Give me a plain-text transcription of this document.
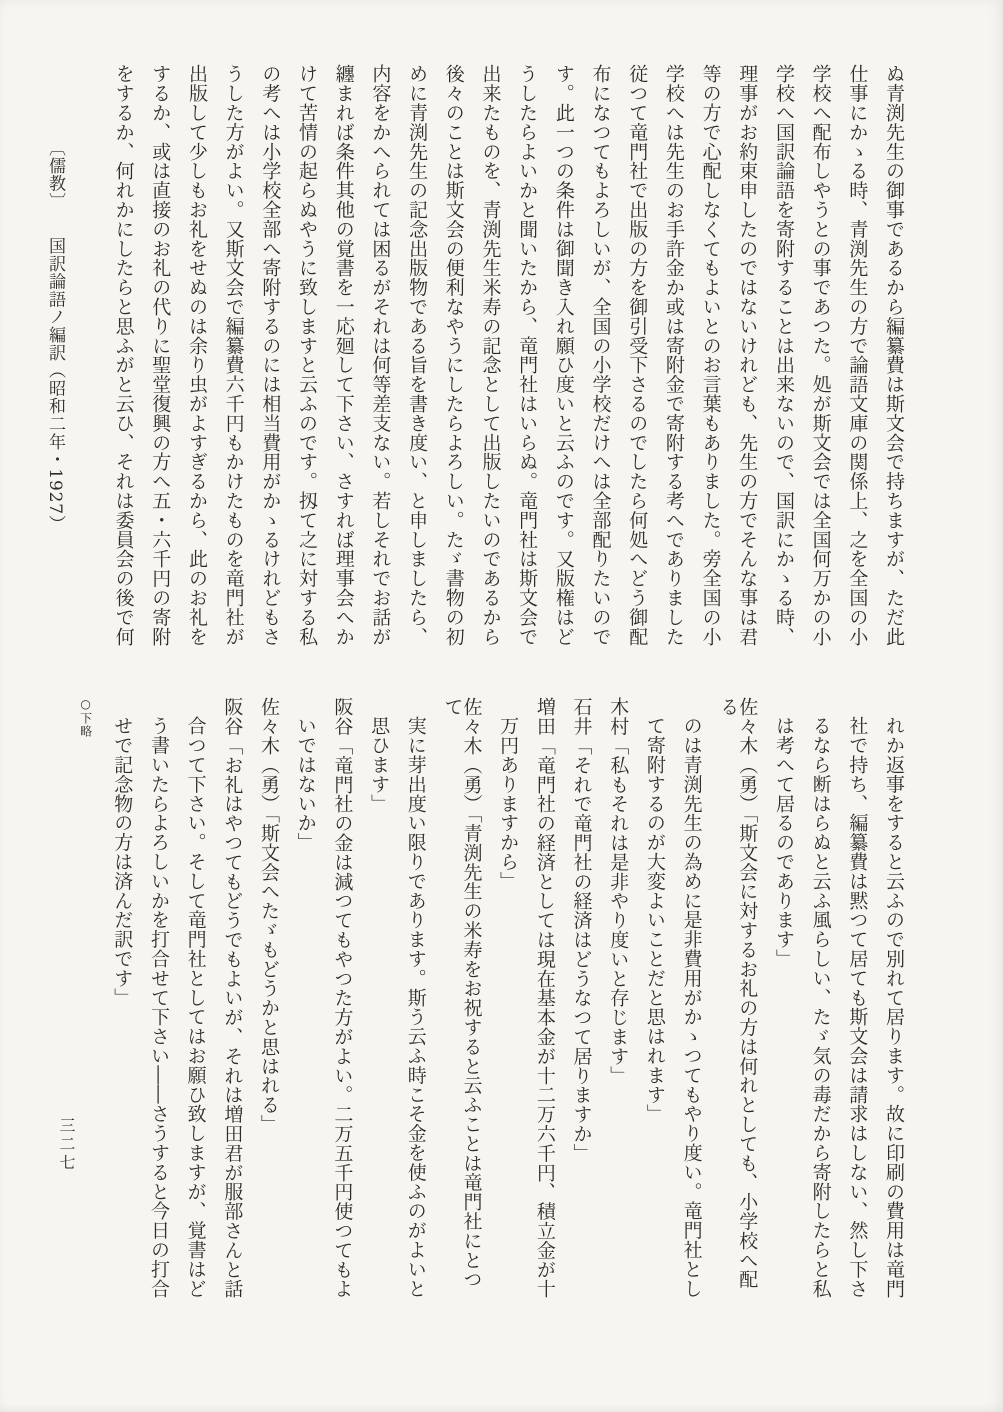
ぬ青渕先生の御事であるから編纂費は斯文会で持ちますが、ただ此

仕事にかゝる時、青渕先生の方で論語文庫の関係上、之を全国の小

学校へ配布しやうとの事であつた。処が斯文会では全国何万かの小

学校へ国訳論語を寄附することは出来ないので、国訳にかゝる時、

理事がお約束申したのではないけれども、先生の方でそんな事は君

等の方で心配しなくてもよいとのお言葉もありました。旁全国の小

学校へは先生のお手許金か或は寄附金で寄附する考へでありました

従つて竜門社で出版の方を御引受下さるのでしたら何処へどう御配

布になつてもよろしいが、全国の小学校だけへは全部配りたいので

す。此一つの条件は御聞き入れ願ひ度いと云ふのです。又版権はど

うしたらよいかと聞いたから、竜門社はいらぬ。竜門社は斯文会で

出来たものを、青渕先生米寿の記念として出版したいのであるから

後々のことは斯文会の便利なやうにしたらよろしい。たゞ書物の初

めに青渕先生の記念出版物である旨を書き度い、と申しましたら、

内容をかへられては困るがそれは何等差支ない。若しそれでお話が

纏まれば条件其他の覚書を一応廻して下さい、さすれば理事会へか

けて苦情の起らぬやうに致しますと云ふのです。扨て之に対する私

の考へは小学校全部へ寄附するのには相当費用がかゝるけれどもさ

うした方がよい。又斯文会で編纂費六千円もかけたものを竜門社が

出版して少しもお礼をせぬのは余り虫がよすぎるから、此のお礼を

するか、或は直接のお礼の代りに聖堂復興の方へ五・六千円の寄附

をするか、何れかにしたらと思ふがと云ひ、それは委員会の後で何

れか返事をすると云ふので別れて居ります。故に印刷の費用は竜門

社で持ち、編纂費は黙つて居ても斯文会は請求はしない、然し下さ

るなら断はらぬと云ふ風らしい、たゞ気の毒だから寄附したらと私

は考へて居るのであります」

佐々木（勇）「斯文会に対するお礼の方は何れとしても、小学校へ配る

のは青渕先生の為めに是非費用がかゝつてもやり度い。竜門社とし

て寄附するのが大変よいことだと思はれます」

木村「私もそれは是非やり度いと存じます」

石井「それで竜門社の経済はどうなつて居りますか」

増田「竜門社の経済としては現在基本金が十二万六千円、積立金が十

万円ありますから」

佐々木（勇）「青渕先生の米寿をお祝すると云ふことは竜門社にとつて

実に芽出度い限りであります。斯う云ふ時こそ金を使ふのがよいと

思ひます」

阪谷「竜門社の金は減つてもやつた方がよい。二万五千円使つてもよ

いではないか」

佐々木（勇）「斯文会へたゞもどうかと思はれる」

阪谷「お礼はやつてもどうでもよいが、それは増田君が服部さんと話

合つて下さい。そして竜門社としてはお願ひ致しますが、覚書はど

う書いたらよろしいかを打合せて下さい――さうすると今日の打合

せで記念物の方は済んだ訳です」

○下略

〔儒教〕国訳論語ノ編訳（昭和二年・1927）
三二七
